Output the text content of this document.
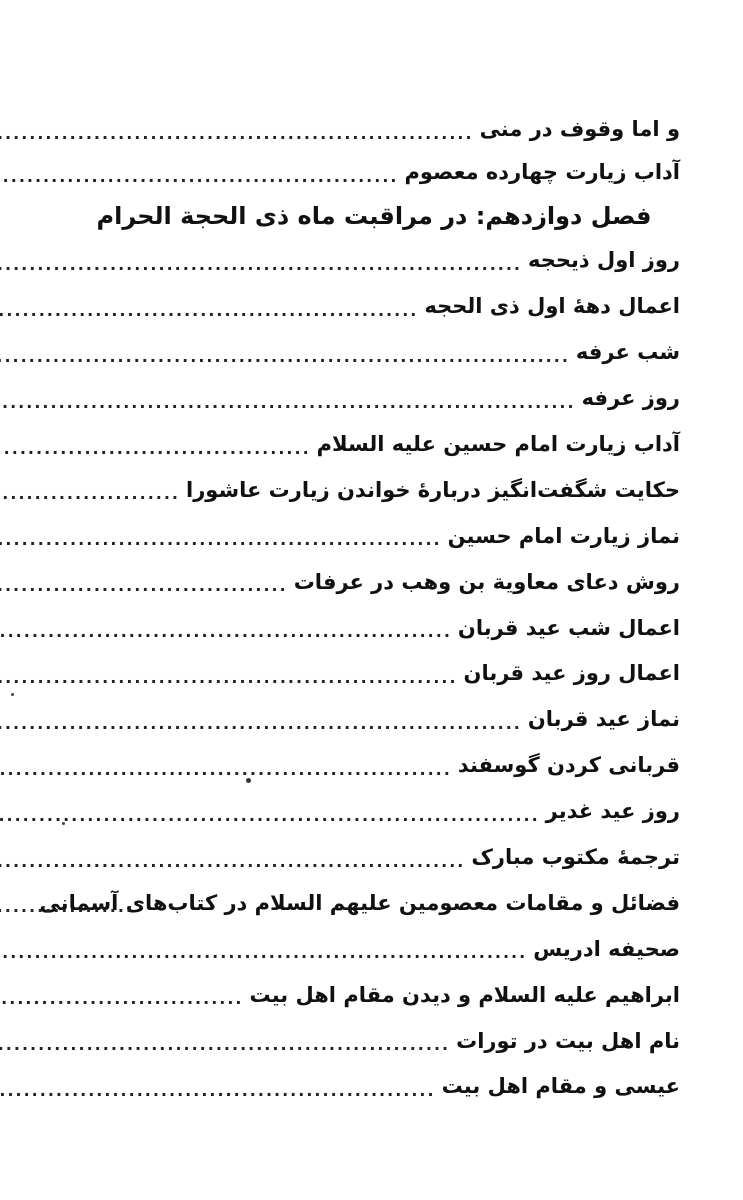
و اما وقوف در منى
.....
آداب زيارت چهارده معصوم
.....
فصل دوازدهم: در مراقبت ماه ذى الحجة الحرام
روز اول ذيحجه
.....
اعمال دهۀ اول ذى الحجه
.....
شب عرفه
.....
روز عرفه
.....
آداب زيارت امام حسين عليه السلام
.....
حكايت شگفت‌انگيز دربارۀ خواندن زيارت عاشورا
.....
نماز زيارت امام حسين
.....
روش دعاى معاوية بن وهب در عرفات
.....
اعمال شب عيد قربان
.....
اعمال روز عيد قربان
.....
نماز عيد قربان
.....
قربانى كردن گوسفند
.....
روز عيد غدير
.....
ترجمۀ مكتوب مبارک
.....
فضائل و مقامات معصومين عليهم السلام در كتاب‌هاى آسمانى
.....
صحيفه ادريس
.....
ابراهيم عليه السلام و ديدن مقام اهل بيت
.....
نام اهل بيت در تورات
.....
عيسى و مقام اهل بيت
.....
